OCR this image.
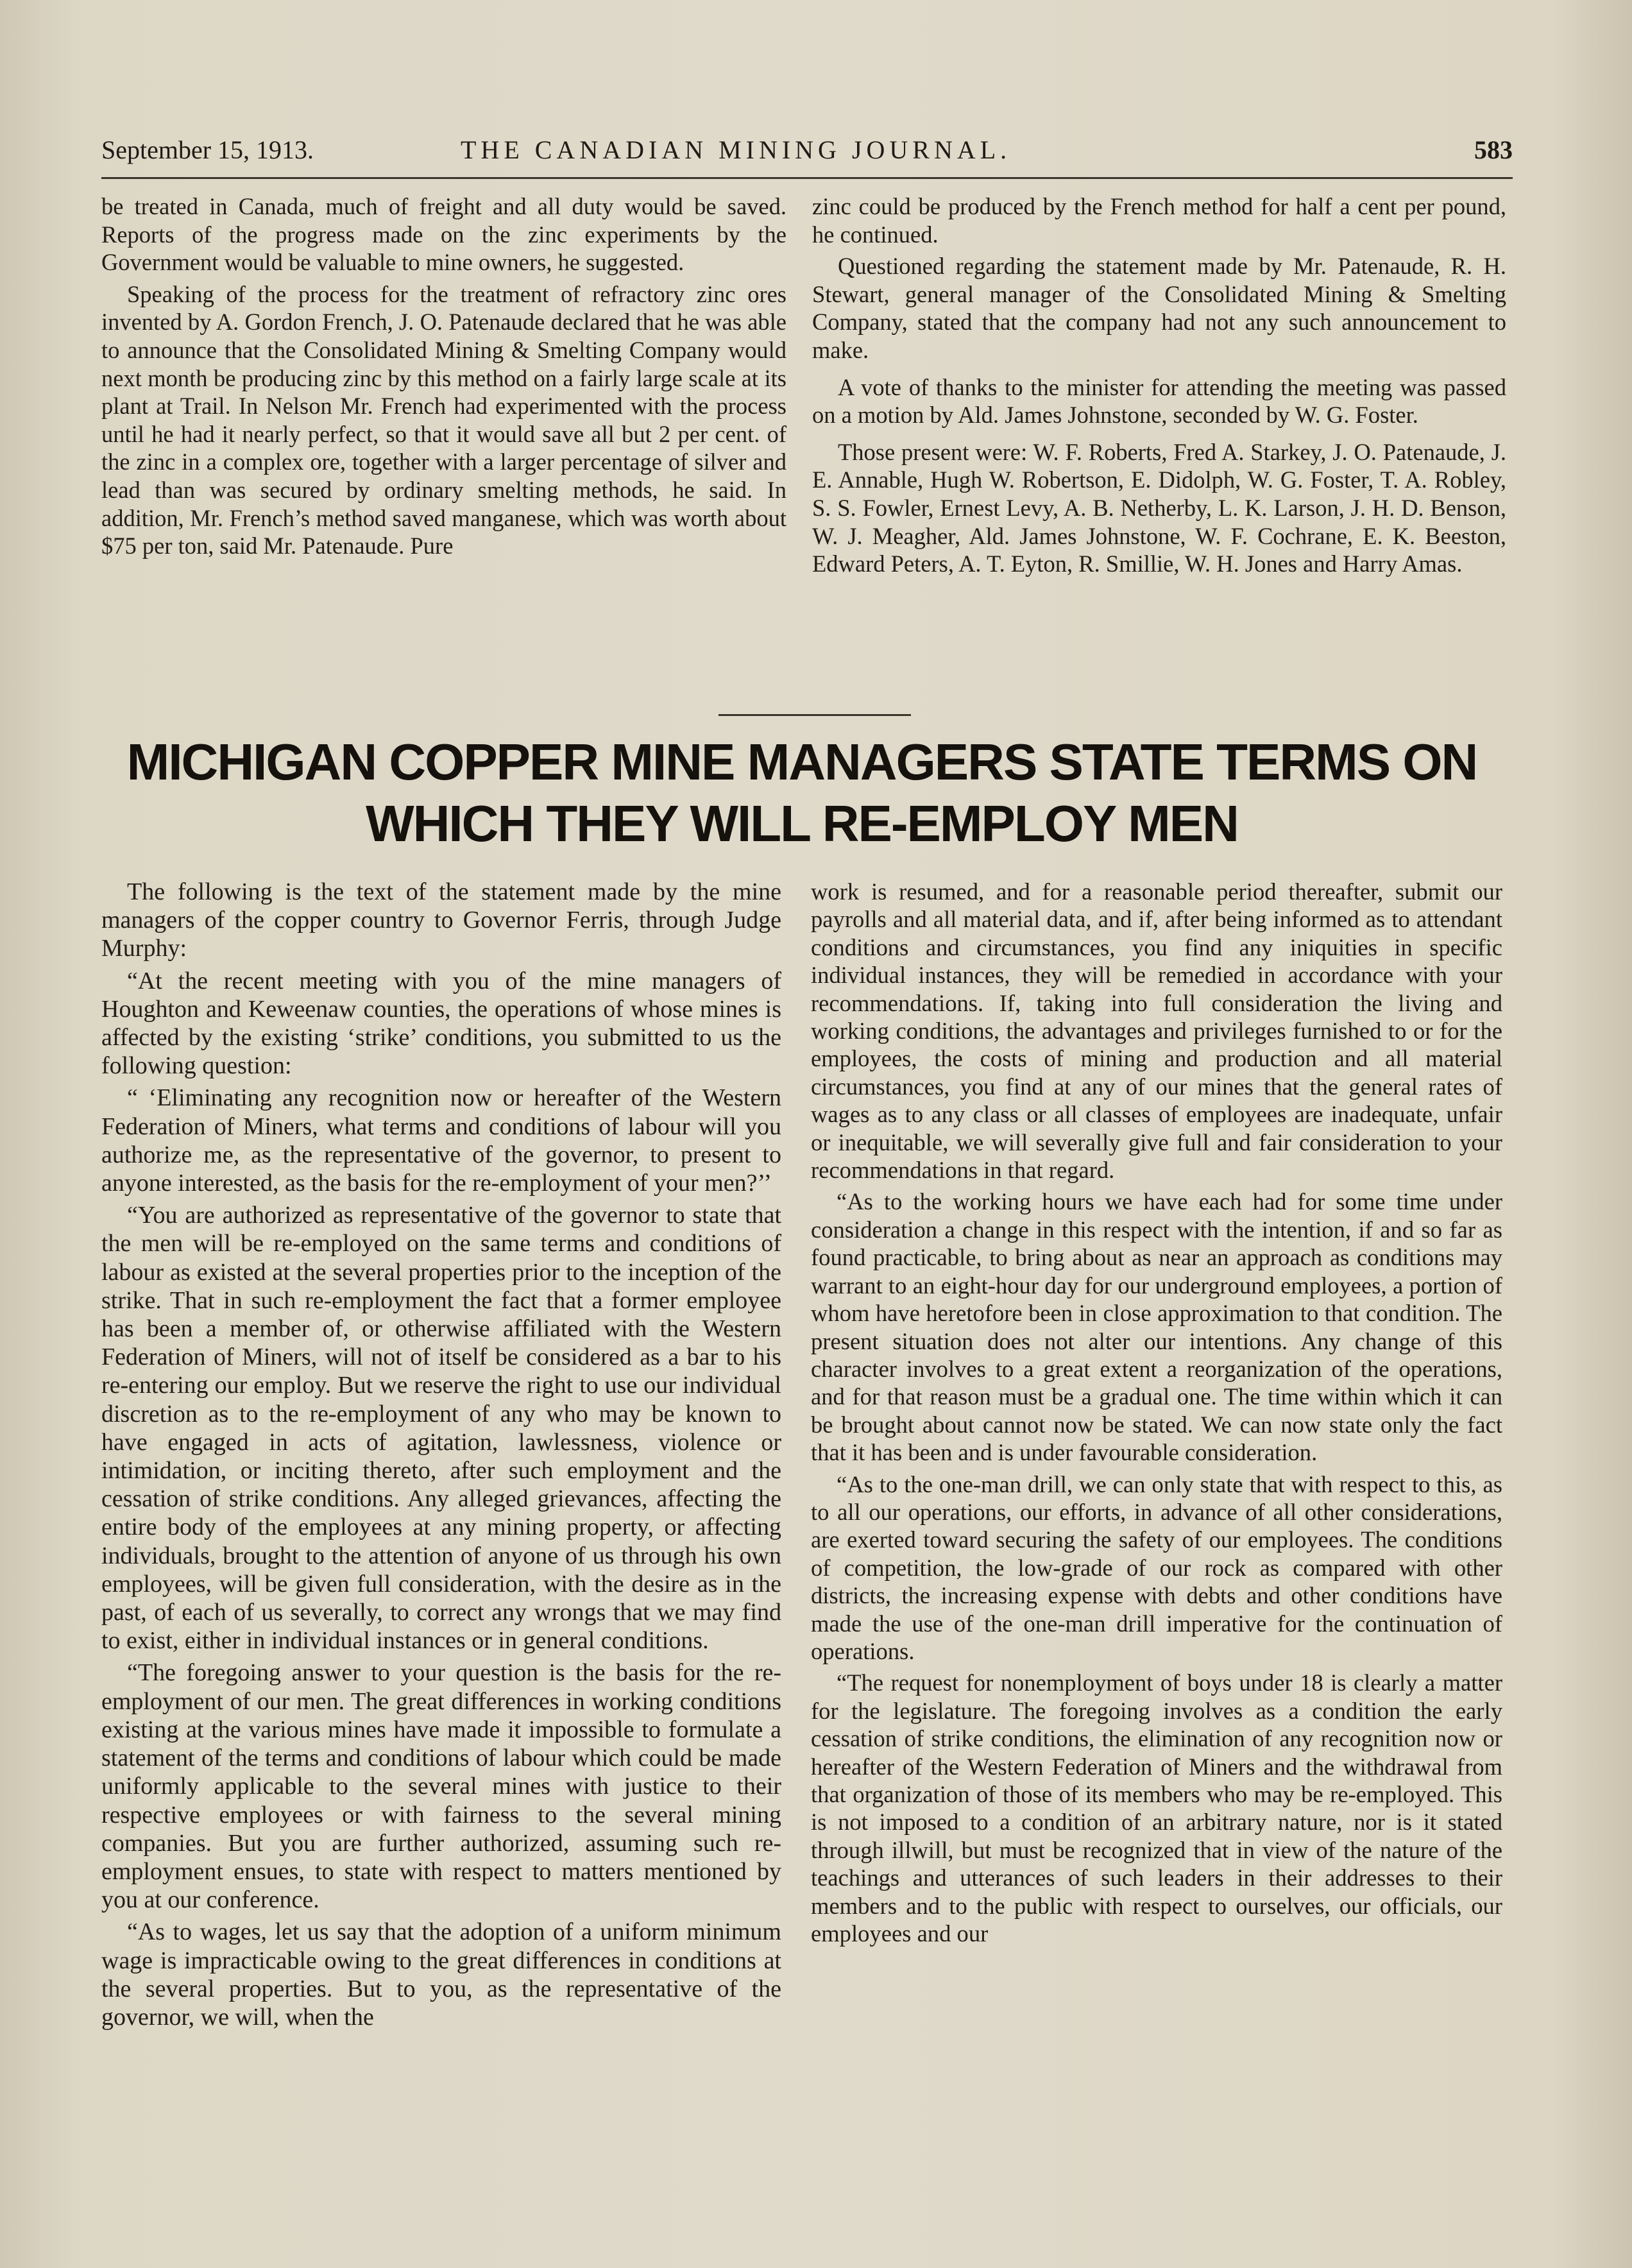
September 15, 1913.	THE CANADIAN MINING JOURNAL.	583

be treated in Canada, much of freight and all duty would be saved. Reports of the progress made on the zinc experiments by the Government would be valuable to mine owners, he suggested.

Speaking of the process for the treatment of refractory zinc ores invented by A. Gordon French, J. O. Patenaude declared that he was able to announce that the Consolidated Mining & Smelting Company would next month be producing zinc by this method on a fairly large scale at its plant at Trail. In Nelson Mr. French had experimented with the process until he had it nearly perfect, so that it would save all but 2 per cent. of the zinc in a complex ore, together with a larger percentage of silver and lead than was secured by ordinary smelting methods, he said. In addition, Mr. French’s method saved manganese, which was worth about $75 per ton, said Mr. Patenaude. Pure

zinc could be produced by the French method for half a cent per pound, he continued.

Questioned regarding the statement made by Mr. Patenaude, R. H. Stewart, general manager of the Consolidated Mining & Smelting Company, stated that the company had not any such announcement to make.

A vote of thanks to the minister for attending the meeting was passed on a motion by Ald. James Johnstone, seconded by W. G. Foster.

Those present were: W. F. Roberts, Fred A. Starkey, J. O. Patenaude, J. E. Annable, Hugh W. Robertson, E. Didolph, W. G. Foster, T. A. Robley, S. S. Fowler, Ernest Levy, A. B. Netherby, L. K. Larson, J. H. D. Benson, W. J. Meagher, Ald. James Johnstone, W. F. Cochrane, E. K. Beeston, Edward Peters, A. T. Eyton, R. Smillie, W. H. Jones and Harry Amas.

MICHIGAN COPPER MINE MANAGERS STATE TERMS ON
WHICH THEY WILL RE-EMPLOY MEN

The following is the text of the statement made by the mine managers of the copper country to Governor Ferris, through Judge Murphy:

“At the recent meeting with you of the mine managers of Houghton and Keweenaw counties, the operations of whose mines is affected by the existing ‘strike’ conditions, you submitted to us the following question:

“ ‘Eliminating any recognition now or hereafter of the Western Federation of Miners, what terms and conditions of labour will you authorize me, as the representative of the governor, to present to anyone interested, as the basis for the re-employment of your men?’’

“You are authorized as representative of the governor to state that the men will be re-employed on the same terms and conditions of labour as existed at the several properties prior to the inception of the strike. That in such re-employment the fact that a former employee has been a member of, or otherwise affiliated with the Western Federation of Miners, will not of itself be considered as a bar to his re-entering our employ. But we reserve the right to use our individual discretion as to the re-employment of any who may be known to have engaged in acts of agitation, lawlessness, violence or intimidation, or inciting thereto, after such employment and the cessation of strike conditions. Any alleged grievances, affecting the entire body of the employees at any mining property, or affecting individuals, brought to the attention of anyone of us through his own employees, will be given full consideration, with the desire as in the past, of each of us severally, to correct any wrongs that we may find to exist, either in individual instances or in general conditions.

“The foregoing answer to your question is the basis for the re-employment of our men. The great differences in working conditions existing at the various mines have made it impossible to formulate a statement of the terms and conditions of labour which could be made uniformly applicable to the several mines with justice to their respective employees or with fairness to the several mining companies. But you are further authorized, assuming such re-employment ensues, to state with respect to matters mentioned by you at our conference.

“As to wages, let us say that the adoption of a uniform minimum wage is impracticable owing to the great differences in conditions at the several properties. But to you, as the representative of the governor, we will, when the

work is resumed, and for a reasonable period thereafter, submit our payrolls and all material data, and if, after being informed as to attendant conditions and circumstances, you find any iniquities in specific individual instances, they will be remedied in accordance with your recommendations. If, taking into full consideration the living and working conditions, the advantages and privileges furnished to or for the employees, the costs of mining and production and all material circumstances, you find at any of our mines that the general rates of wages as to any class or all classes of employees are inadequate, unfair or inequitable, we will severally give full and fair consideration to your recommendations in that regard.

“As to the working hours we have each had for some time under consideration a change in this respect with the intention, if and so far as found practicable, to bring about as near an approach as conditions may warrant to an eight-hour day for our underground employees, a portion of whom have heretofore been in close approximation to that condition. The present situation does not alter our intentions. Any change of this character involves to a great extent a reorganization of the operations, and for that reason must be a gradual one. The time within which it can be brought about cannot now be stated. We can now state only the fact that it has been and is under favourable consideration.

“As to the one-man drill, we can only state that with respect to this, as to all our operations, our efforts, in advance of all other considerations, are exerted toward securing the safety of our employees. The conditions of competition, the low-grade of our rock as compared with other districts, the increasing expense with debts and other conditions have made the use of the one-man drill imperative for the continuation of operations.

“The request for nonemployment of boys under 18 is clearly a matter for the legislature. The foregoing involves as a condition the early cessation of strike conditions, the elimination of any recognition now or hereafter of the Western Federation of Miners and the withdrawal from that organization of those of its members who may be re-employed. This is not imposed to a condition of an arbitrary nature, nor is it stated through illwill, but must be recognized that in view of the nature of the teachings and utterances of such leaders in their addresses to their members and to the public with respect to ourselves, our officials, our employees and our
